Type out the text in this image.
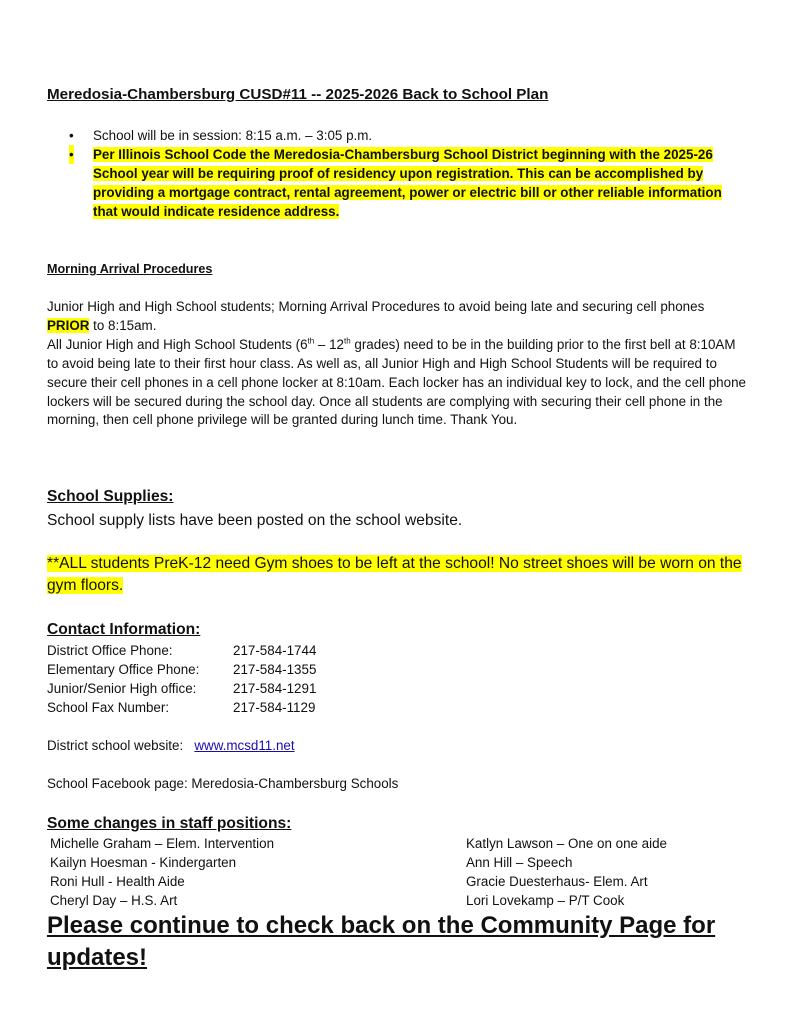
Meredosia-Chambersburg CUSD#11 -- 2025-2026 Back to School Plan
• School will be in session: 8:15 a.m. – 3:05 p.m.
• Per Illinois School Code the Meredosia-Chambersburg School District beginning with the 2025-26 School year will be requiring proof of residency upon registration. This can be accomplished by providing a mortgage contract, rental agreement, power or electric bill or other reliable information that would indicate residence address.
Morning Arrival Procedures

Junior High and High School students; Morning Arrival Procedures to avoid being late and securing cell phones PRIOR to 8:15am.

All Junior High and High School Students (6th – 12th grades) need to be in the building prior to the first bell at 8:10AM to avoid being late to their first hour class. As well as, all Junior High and High School Students will be required to secure their cell phones in a cell phone locker at 8:10am. Each locker has an individual key to lock, and the cell phone lockers will be secured during the school day. Once all students are complying with securing their cell phone in the morning, then cell phone privilege will be granted during lunch time. Thank You.

School Supplies:
School supply lists have been posted on the school website.
**ALL students PreK-12 need Gym shoes to be left at the school! No street shoes will be worn on the gym floors.
Contact Information:
District Office Phone:	217-584-1744
Elementary Office Phone:	217-584-1355
Junior/Senior High office:	217-584-1291
School Fax Number:	217-584-1129
District school website: www.mcsd11.net
School Facebook page: Meredosia-Chambersburg Schools
Some changes in staff positions:
Michelle Graham – Elem. Intervention
Kailyn Hoesman - Kindergarten
Roni Hull - Health Aide
Cheryl Day – H.S. Art
Katlyn Lawson – One on one aide
Ann Hill – Speech
Gracie Duesterhaus- Elem. Art
Lori Lovekamp – P/T Cook
Please continue to check back on the Community Page for updates!
